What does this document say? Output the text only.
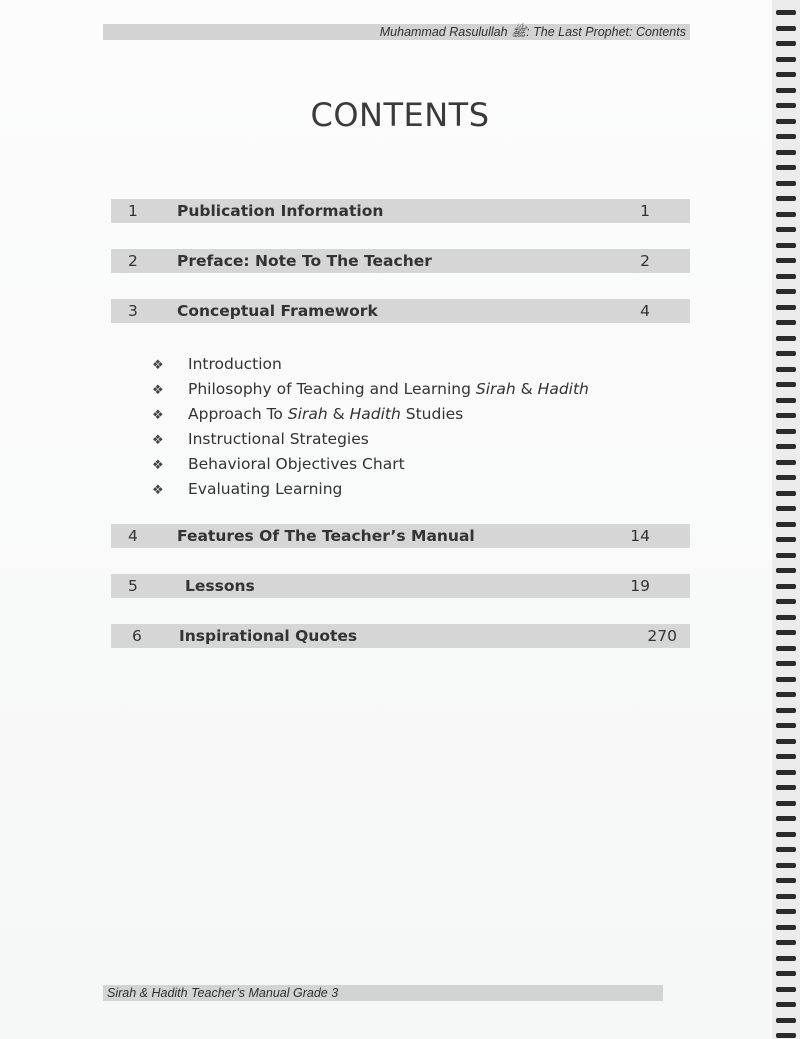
Muhammad Rasulullah ﷺ: The Last Prophet: Contents
CONTENTS
1	Publication Information	1
2	Preface: Note To The Teacher	2
3	Conceptual Framework	4
❖ Introduction
❖ Philosophy of Teaching and Learning Sirah & Hadith
❖ Approach To Sirah & Hadith Studies
❖ Instructional Strategies
❖ Behavioral Objectives Chart
❖ Evaluating Learning
4	Features Of The Teacher’s Manual	14
5	Lessons	19
6 Inspirational Quotes	270
Sirah & Hadith Teacher’s Manual Grade 3
